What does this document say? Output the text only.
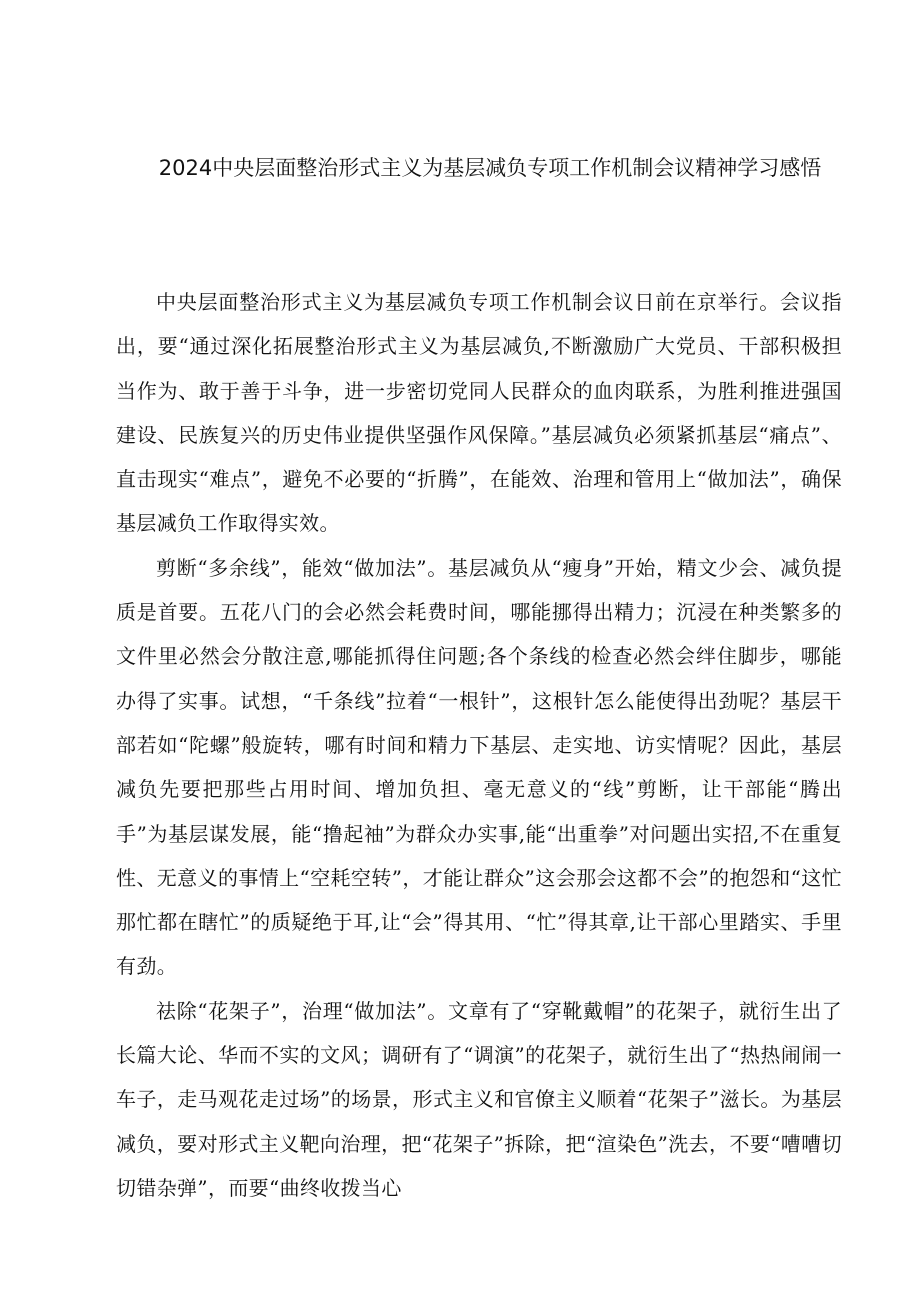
2024中央层面整治形式主义为基层减负专项工作机制会议精神学习感悟

中央层面整治形式主义为基层减负专项工作机制会议日前在京举行。会议指出，要“通过深化拓展整治形式主义为基层减负,不断激励广大党员、干部积极担当作为、敢于善于斗争，进一步密切党同人民群众的血肉联系，为胜利推进强国建设、民族复兴的历史伟业提供坚强作风保障。”基层减负必须紧抓基层“痛点”、直击现实“难点”，避免不必要的“折腾”，在能效、治理和管用上“做加法”，确保基层减负工作取得实效。

剪断“多余线”，能效“做加法”。基层减负从“瘦身”开始，精文少会、减负提质是首要。五花八门的会必然会耗费时间，哪能挪得出精力；沉浸在种类繁多的文件里必然会分散注意,哪能抓得住问题;各个条线的检查必然会绊住脚步，哪能办得了实事。试想，“千条线”拉着“一根针”，这根针怎么能使得出劲呢？基层干部若如“陀螺”般旋转，哪有时间和精力下基层、走实地、访实情呢？因此，基层减负先要把那些占用时间、增加负担、毫无意义的“线”剪断，让干部能“腾出手”为基层谋发展，能“撸起袖”为群众办实事,能“出重拳”对问题出实招,不在重复性、无意义的事情上“空耗空转”，才能让群众”这会那会这都不会”的抱怨和“这忙那忙都在瞎忙”的质疑绝于耳,让“会”得其用、“忙”得其章,让干部心里踏实、手里有劲。

祛除“花架子”，治理“做加法”。文章有了“穿靴戴帽”的花架子，就衍生出了长篇大论、华而不实的文风；调研有了“调演”的花架子，就衍生出了“热热闹闹一车子，走马观花走过场”的场景，形式主义和官僚主义顺着“花架子”滋长。为基层减负，要对形式主义靶向治理，把“花架子”拆除，把“渲染色”洗去，不要“嘈嘈切切错杂弹”，而要“曲终收拨当心
